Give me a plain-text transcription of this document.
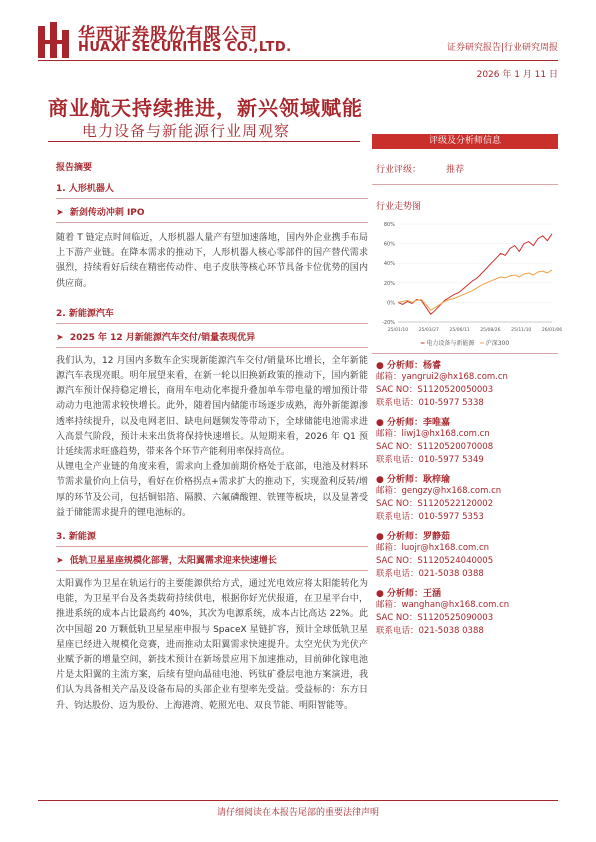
华西证券股份有限公司
HUAXI SECURITIES CO.,LTD.	证券研究报告|行业研究周报
2026 年 1 月 11 日
商业航天持续推进，新兴领域赋能
电力设备与新能源行业周观察
报告摘要
1. 人形机器人
➤  新剑传动冲刺 IPO
随着 T 链定点时间临近，人形机器人量产有望加速落地，国内外企业携手布局上下游产业链。在降本需求的推动下，人形机器人核心零部件的国产替代需求强烈，持续看好后续在精密传动件、电子皮肤等核心环节具备卡位优势的国内供应商。
2. 新能源汽车
➤  2025 年 12 月新能源汽车交付/销量表现优异
我们认为，12 月国内多数车企实现新能源汽车交付/销量环比增长，全年新能源汽车表现亮眼。明年展望来看，在新一轮以旧换新政策的推动下，国内新能源汽车预计保持稳定增长，商用车电动化率提升叠加单车带电量的增加预计带动动力电池需求较快增长。此外，随着国内储能市场逐步成熟，海外新能源渗透率持续提升，以及电网老旧、缺电问题频发等带动下，全球储能电池需求进入高景气阶段，预计未来出货将保持快速增长。从短期来看，2026 年 Q1 预计延续需求旺盛趋势，带来各个环节产能利用率保持高位。
从锂电全产业链的角度来看，需求向上叠加前期价格处于底部，电池及材料环节需求量价向上信号，看好在价格拐点+需求扩大的推动下，实现盈利反转/增厚的环节及公司，包括铜铝箔、隔膜、六氟磷酸锂、铁锂等板块，以及显著受益于储能需求提升的锂电池标的。
3. 新能源
➤  低轨卫星星座规模化部署，太阳翼需求迎来快速增长
太阳翼作为卫星在轨运行的主要能源供给方式，通过光电效应将太阳能转化为电能，为卫星平台及各类载荷持续供电，根据你好光伏报道，在卫星平台中，推进系统的成本占比最高约 40%，其次为电源系统，成本占比高达 22%。此次中国超 20 万颗低轨卫星星座申报与 SpaceX 星链扩容，预计全球低轨卫星星座已经进入规模化竞赛，进而推动太阳翼需求快速提升。太空光伏为光伏产业赋予新的增量空间，新技术预计在新场景应用下加速推动，目前砷化镓电池片是太阳翼的主流方案，后续有望向晶硅电池、钙钛矿叠层电池方案演进，我们认为具备相关产品及设备布局的头部企业有望率先受益。受益标的：东方日升、钧达股份、迈为股份、上海港湾、乾照光电、双良节能、明阳智能等。
评级及分析师信息
行业评级：	推荐
行业走势图
-20%
0%
20%
40%
60%
80%
25/01/10 25/03/27 25/06/11 25/08/26 25/11/10 26/01/06
━ 电力设备与新能源 ━ 沪深300
● 分析师：杨睿
邮箱：yangrui2@hx168.com.cn
SAC NO：S1120520050003
联系电话：010-5977 5338
● 分析师：李唯嘉
邮箱：liwj1@hx168.com.cn
SAC NO：S1120520070008
联系电话：010-5977 5349
● 分析师：耿梓瑜
邮箱：gengzy@hx168.com.cn
SAC NO：S1120522120002
联系电话：010-5977 5353
● 分析师：罗静茹
邮箱：luojr@hx168.com.cn
SAC NO：S1120524040005
联系电话：021-5038 0388
● 分析师：王涵
邮箱：wanghan@hx168.com.cn
SAC NO：S1120525090003
联系电话：021-5038 0388
请仔细阅读在本报告尾部的重要法律声明
